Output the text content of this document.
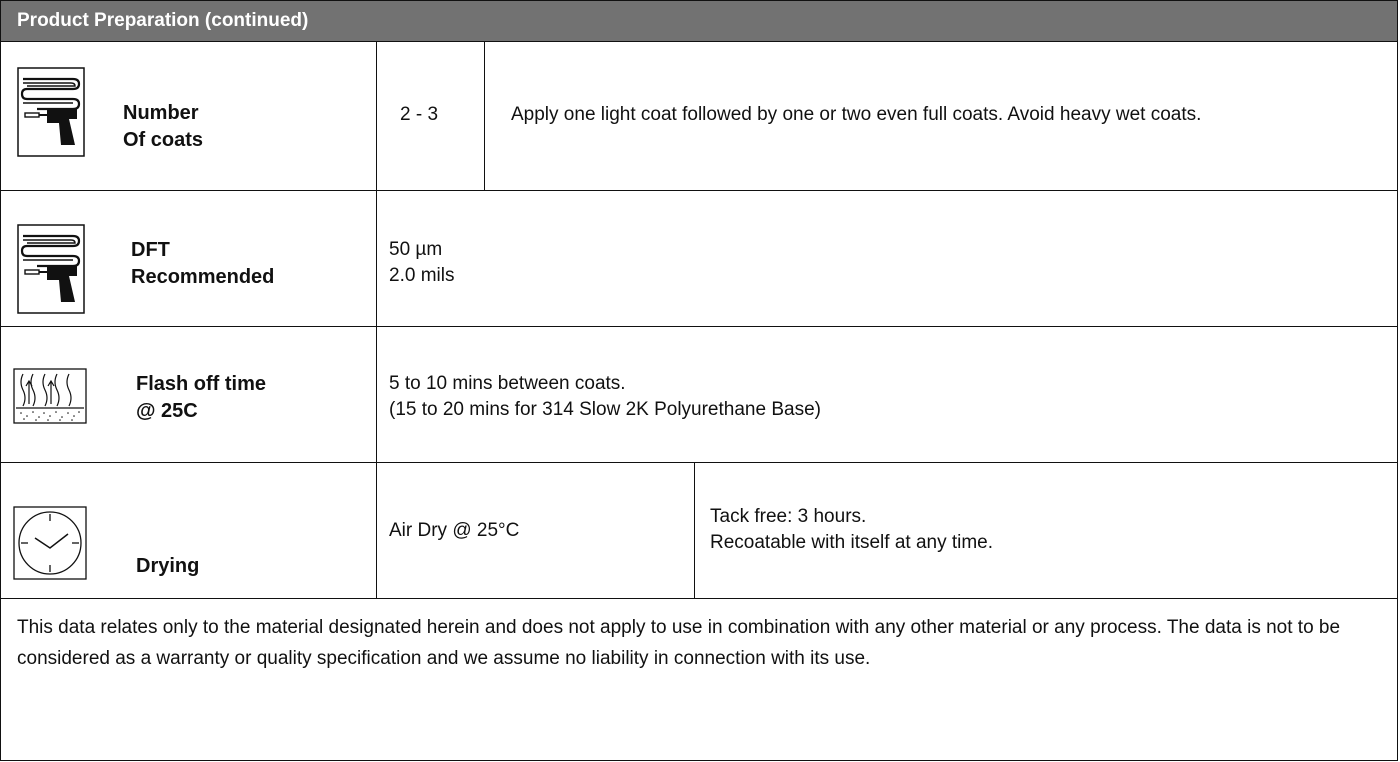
Product Preparation (continued)
Number
Of coats
2 - 3	Apply one light coat followed by one or two even full coats. Avoid heavy wet coats.
DFT
Recommended
50 µm
2.0 mils
Flash off time
@ 25C
5 to 10 mins between coats.
(15 to 20 mins for 314 Slow 2K Polyurethane Base)
Drying
Air Dry @ 25°C
Tack free: 3 hours.
Recoatable with itself at any time.
This data relates only to the material designated herein and does not apply to use in combination with any other material or any process. The data is not to be considered as a warranty or quality specification and we assume no liability in connection with its use.
